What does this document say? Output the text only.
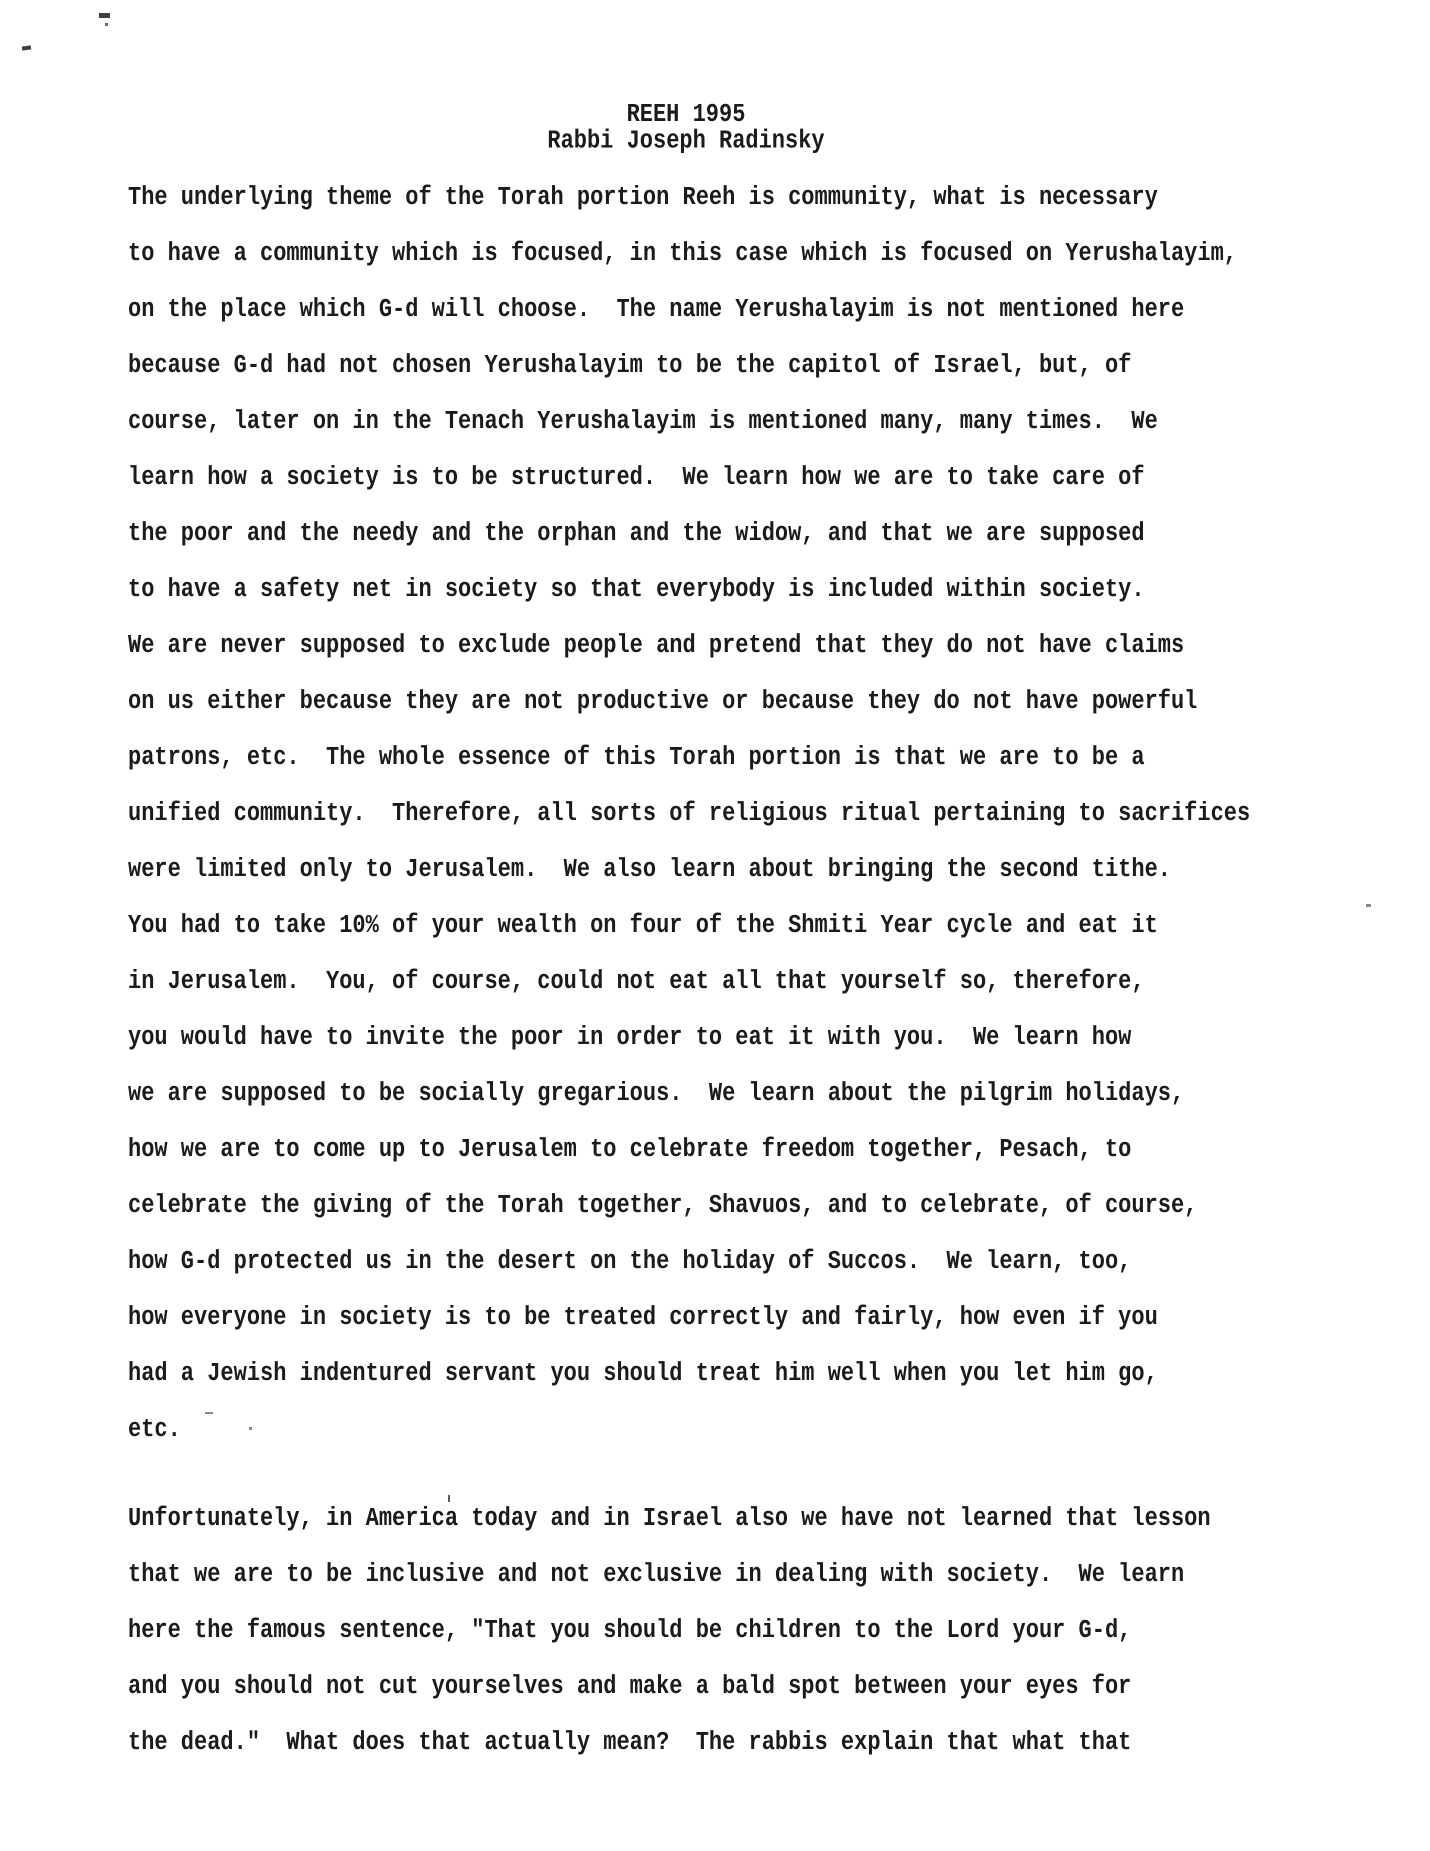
REEH 1995
Rabbi Joseph Radinsky
The underlying theme of the Torah portion Reeh is community, what is necessary
to have a community which is focused, in this case which is focused on Yerushalayim,
on the place which G-d will choose.  The name Yerushalayim is not mentioned here
because G-d had not chosen Yerushalayim to be the capitol of Israel, but, of
course, later on in the Tenach Yerushalayim is mentioned many, many times.  We
learn how a society is to be structured.  We learn how we are to take care of
the poor and the needy and the orphan and the widow, and that we are supposed
to have a safety net in society so that everybody is included within society.
We are never supposed to exclude people and pretend that they do not have claims
on us either because they are not productive or because they do not have powerful
patrons, etc.  The whole essence of this Torah portion is that we are to be a
unified community.  Therefore, all sorts of religious ritual pertaining to sacrifices
were limited only to Jerusalem.  We also learn about bringing the second tithe.
You had to take 10% of your wealth on four of the Shmiti Year cycle and eat it
in Jerusalem.  You, of course, could not eat all that yourself so, therefore,
you would have to invite the poor in order to eat it with you.  We learn how
we are supposed to be socially gregarious.  We learn about the pilgrim holidays,
how we are to come up to Jerusalem to celebrate freedom together, Pesach, to
celebrate the giving of the Torah together, Shavuos, and to celebrate, of course,
how G-d protected us in the desert on the holiday of Succos.  We learn, too,
how everyone in society is to be treated correctly and fairly, how even if you
had a Jewish indentured servant you should treat him well when you let him go,
etc.
Unfortunately, in America today and in Israel also we have not learned that lesson
that we are to be inclusive and not exclusive in dealing with society.  We learn
here the famous sentence, "That you should be children to the Lord your G-d,
and you should not cut yourselves and make a bald spot between your eyes for
the dead."  What does that actually mean?  The rabbis explain that what that
